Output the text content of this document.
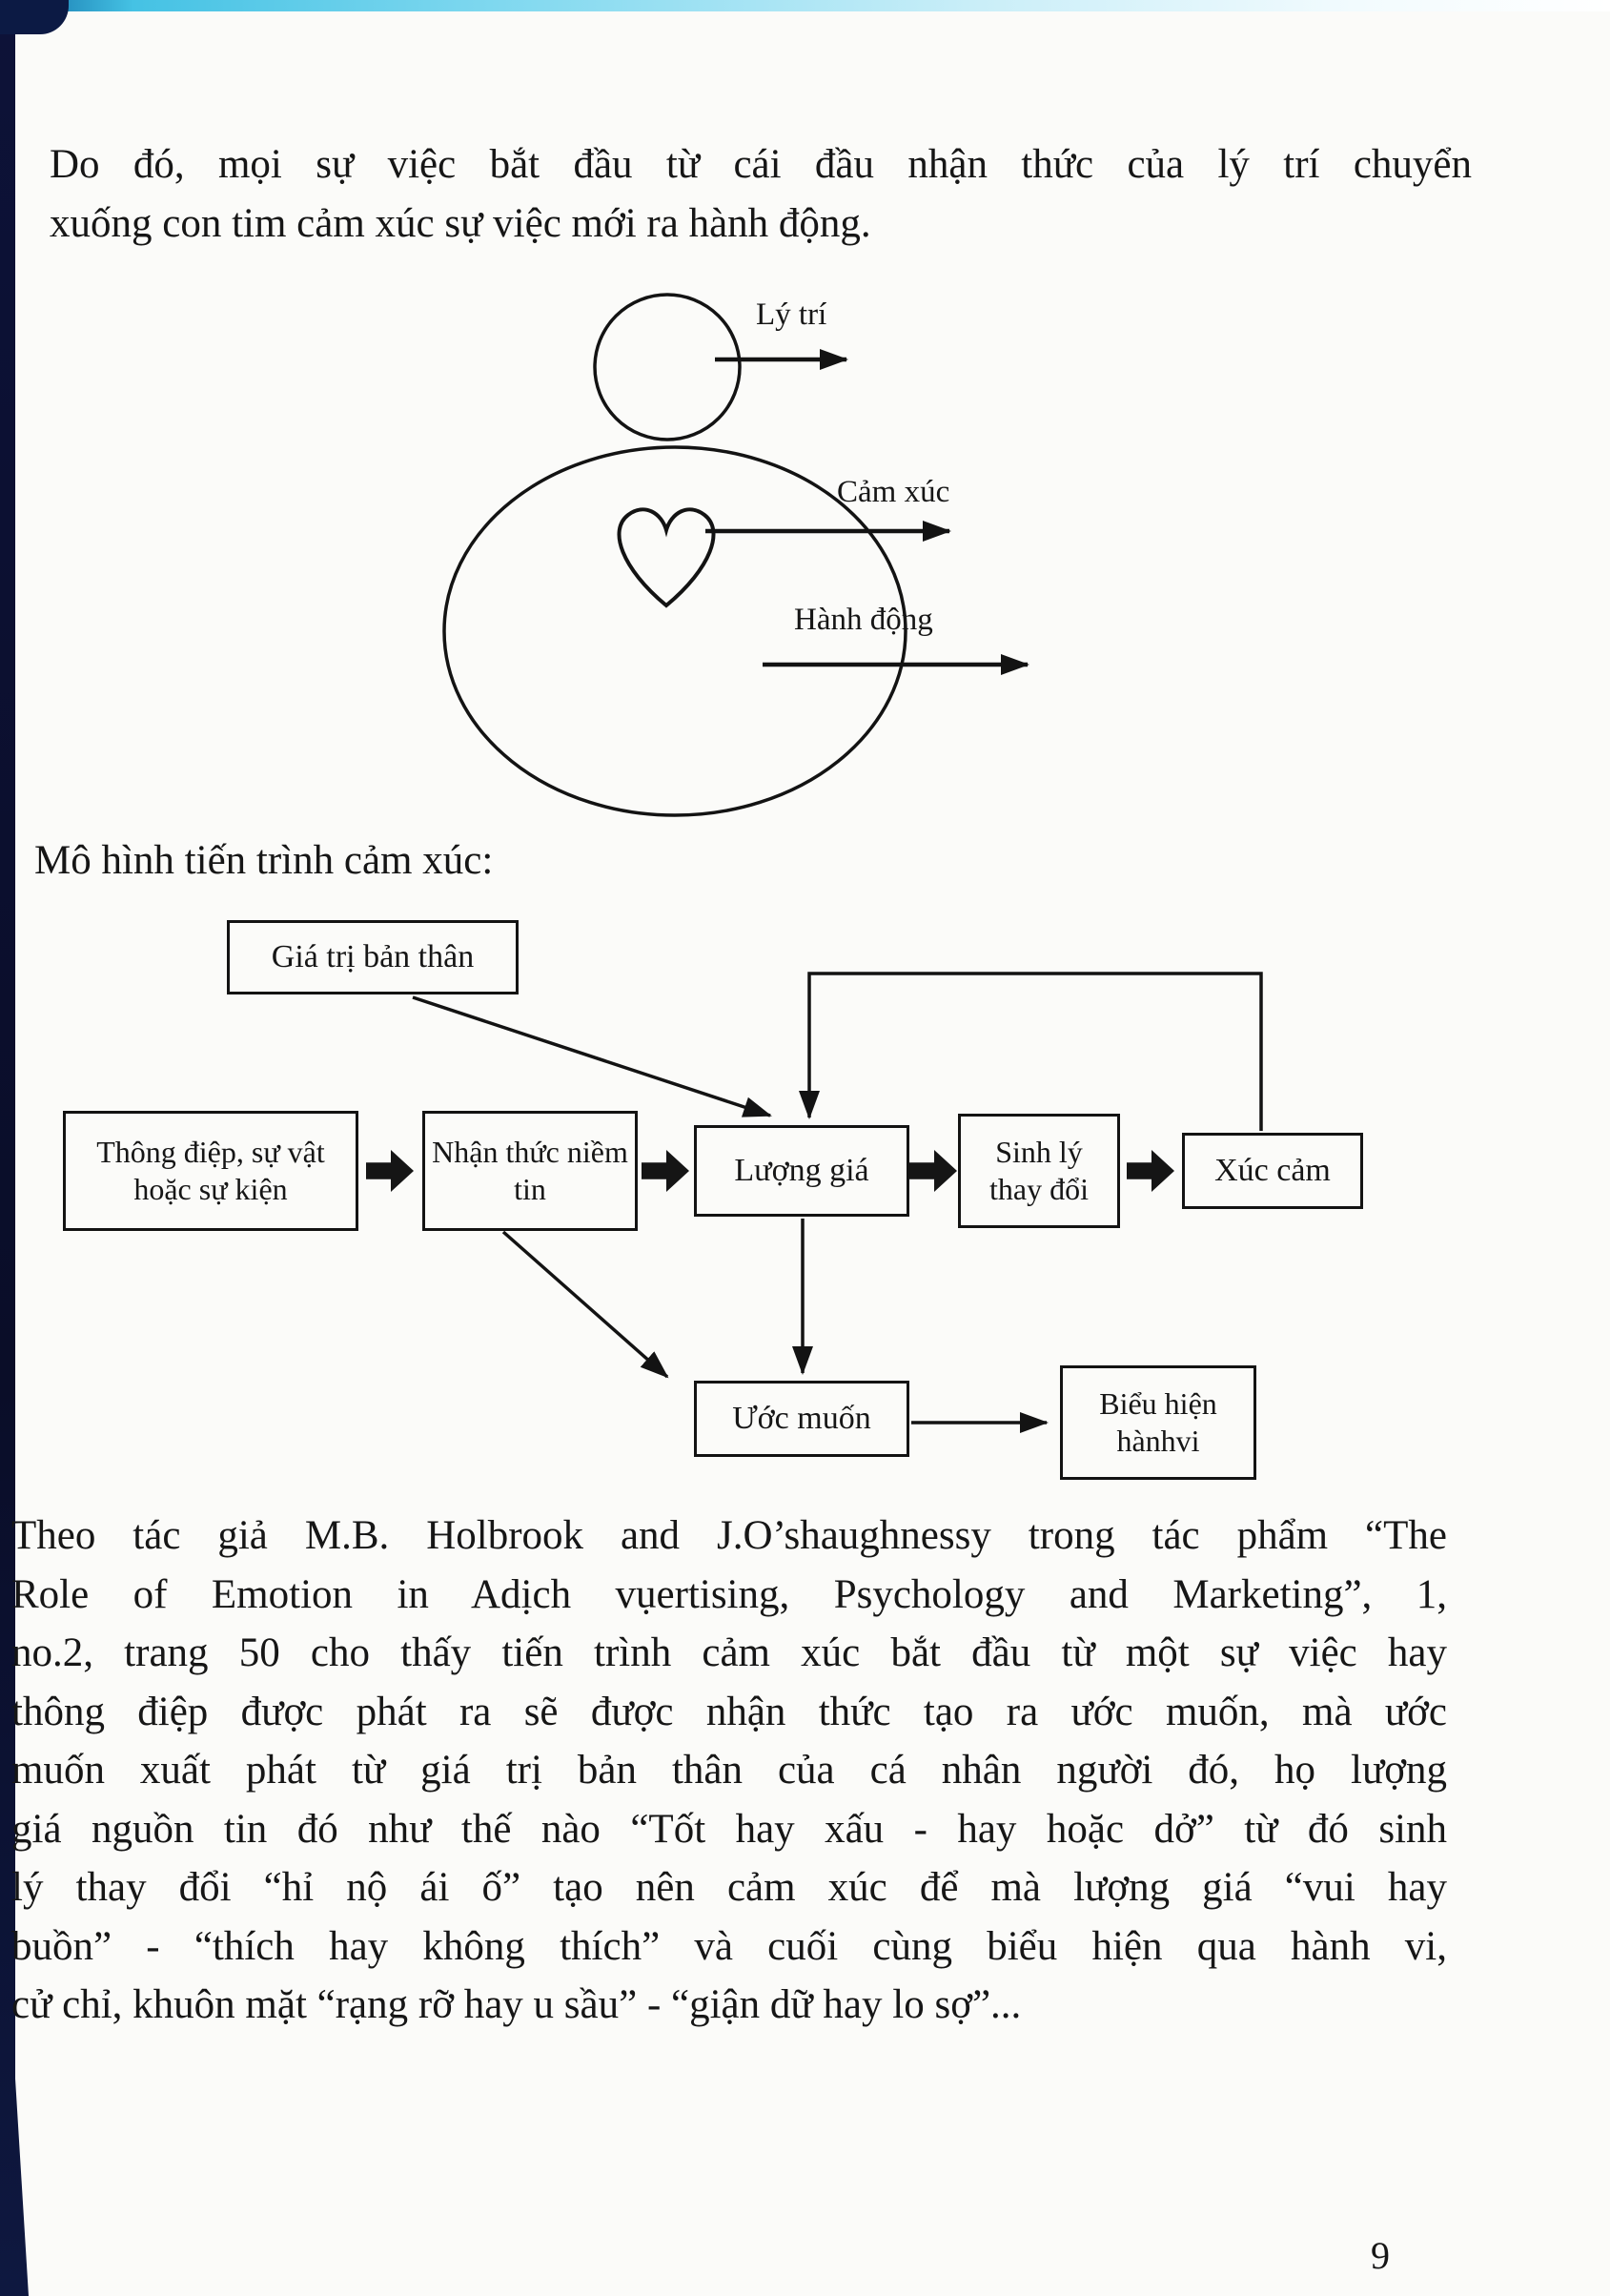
Do đó, mọi sự việc bắt đầu từ cái đầu nhận thức của lý trí chuyển
xuống con tim cảm xúc sự việc mới ra hành động.
Lý trí
Cảm xúc
Hành động
Mô hình tiến trình cảm xúc:
Giá trị bản thân
Thông điệp, sự vật hoặc sự kiện
Nhận thức niềm tin
Lượng giá
Sinh lý thay đổi
Xúc cảm
Ước muốn	Biểu hiện hànhvi
Theo tác giả M.B. Holbrook and J.O’shaughnessy trong tác phẩm “The
Role of Emotion in Adịch vụertising, Psychology and Marketing”, 1,
no.2, trang 50 cho thấy tiến trình cảm xúc bắt đầu từ một sự việc hay
thông điệp được phát ra sẽ được nhận thức tạo ra ước muốn, mà ước
muốn xuất phát từ giá trị bản thân của cá nhân người đó, họ lượng
giá nguồn tin đó như thế nào “Tốt hay xấu - hay hoặc dở” từ đó sinh
lý thay đổi “hỉ nộ ái ố” tạo nên cảm xúc để mà lượng giá “vui hay
buồn” - “thích hay không thích” và cuối cùng biểu hiện qua hành vi,
cử chỉ, khuôn mặt “rạng rỡ hay u sầu” - “giận dữ hay lo sợ”...
9
